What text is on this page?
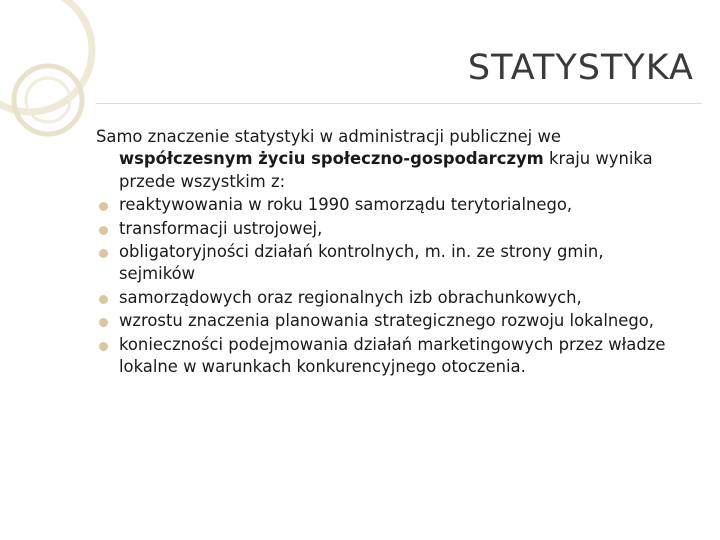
STATYSTYKA

Samo znaczenie statystyki w administracji publicznej we współczesnym życiu społeczno-gospodarczym kraju wynika przede wszystkim z:

reaktywowania w roku 1990 samorządu terytorialnego,
transformacji ustrojowej,
obligatoryjności działań kontrolnych, m. in. ze strony gmin, sejmików
samorządowych oraz regionalnych izb obrachunkowych,
wzrostu znaczenia planowania strategicznego rozwoju lokalnego,
konieczności podejmowania działań marketingowych przez władze lokalne w warunkach konkurencyjnego otoczenia.
